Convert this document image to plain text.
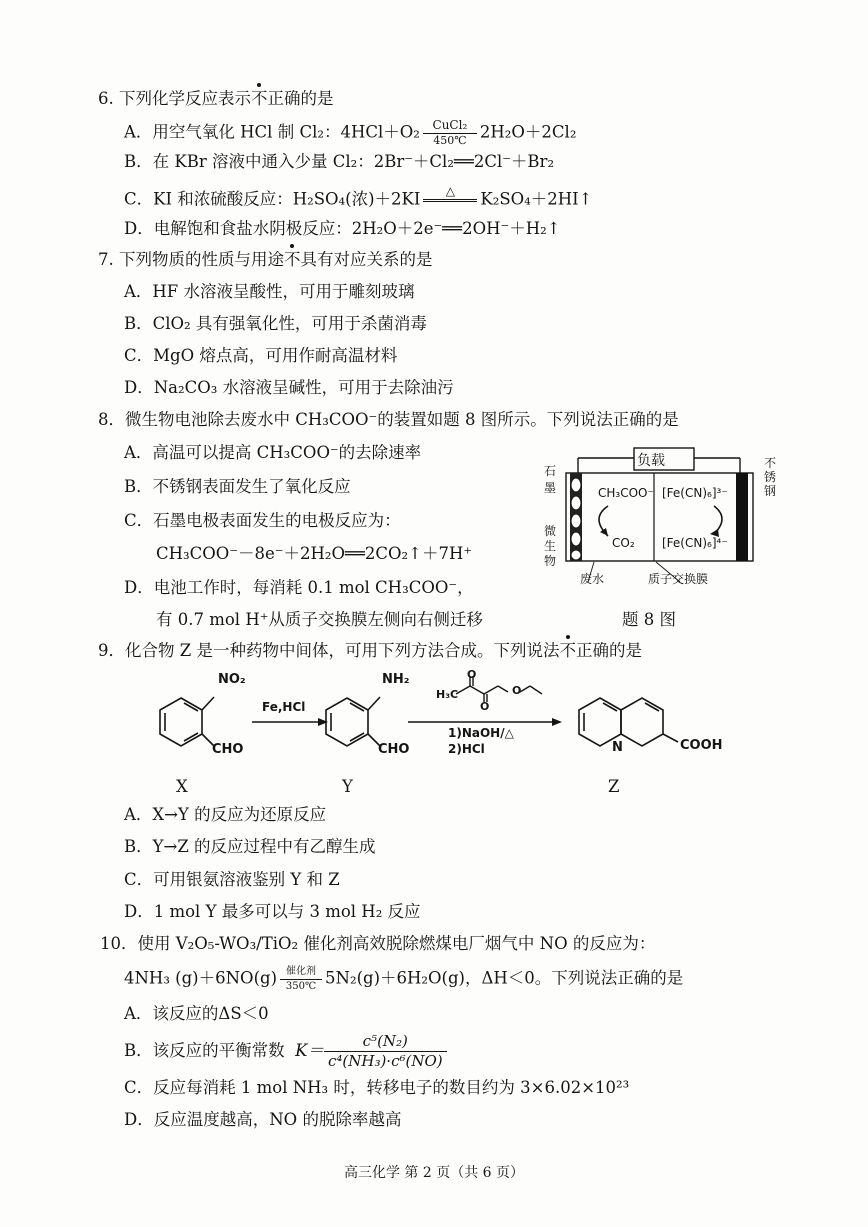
6. 下列化学反应表示不正确的是
A．用空气氧化 HCl 制 Cl₂：4HCl＋O₂	CuCl₂
450℃ 2H₂O＋2Cl₂
B．在 KBr 溶液中通入少量 Cl₂：2Br⁻＋Cl₂══2Cl⁻＋Br₂
C．KI 和浓硫酸反应：H₂SO₄(浓)＋2KI	△
	K₂SO₄＋2HI↑
D．电解饱和食盐水阴极反应：2H₂O＋2e⁻══2OH⁻＋H₂↑
7. 下列物质的性质与用途不具有对应关系的是
A．HF 水溶液呈酸性，可用于雕刻玻璃
B．ClO₂ 具有强氧化性，可用于杀菌消毒
C．MgO 熔点高，可用作耐高温材料
D．Na₂CO₃ 水溶液呈碱性，可用于去除油污
8．微生物电池除去废水中 CH₃COO⁻的装置如题 8 图所示。下列说法正确的是
A．高温可以提高 CH₃COO⁻的去除速率
B．不锈钢表面发生了氧化反应
C．石墨电极表面发生的电极反应为：
CH₃COO⁻－8e⁻＋2H₂O══2CO₂↑＋7H⁺
D．电池工作时，每消耗 0.1 mol CH₃COO⁻，
有 0.7 mol H⁺从质子交换膜左侧向右侧迁移
负载
石
墨
不
锈
钢
微
生
物
CH₃COO⁻
CO₂
[Fe(CN)₆]³⁻
[Fe(CN)₆]⁴⁻
废水	质子交换膜
题 8 图
9．化合物 Z 是一种药物中间体，可用下列方法合成。下列说法不正确的是
NO₂
CHO
Fe,HCl
NH₂
CHO
H₃C
O
O
O
1)NaOH/△
2)HCl	N	COOH
X	Y	Z
A．X→Y 的反应为还原反应
B．Y→Z 的反应过程中有乙醇生成
C．可用银氨溶液鉴别 Y 和 Z
D．1 mol Y 最多可以与 3 mol H₂ 反应
10．使用 V₂O₅-WO₃/TiO₂ 催化剂高效脱除燃煤电厂烟气中 NO 的反应为：
4NH₃ (g)＋6NO(g) 催化剂
350℃ 5N₂(g)＋6H₂O(g)，ΔH＜0。下列说法正确的是
A．该反应的ΔS＜0
B．该反应的平衡常数 $K= \frac{\text{c⁵(N₂)}}{\text{c⁴(NH₃)·c⁶(NO)}}$
C．反应每消耗 1 mol NH₃ 时，转移电子的数目约为 3×6.02×10²³
D．反应温度越高，NO 的脱除率越高
高三化学 第 2 页（共 6 页）
